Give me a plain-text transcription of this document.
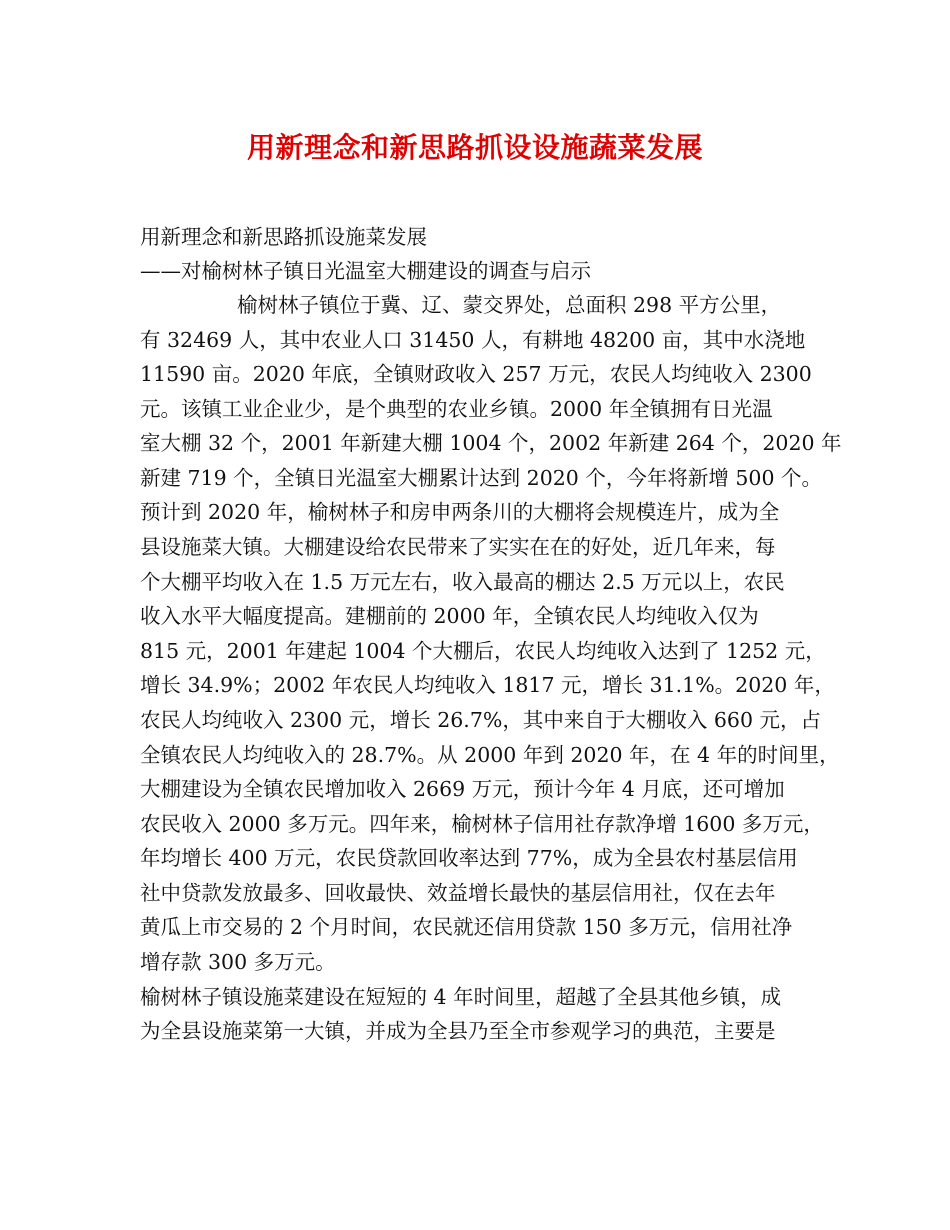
用新理念和新思路抓设设施蔬菜发展
用新理念和新思路抓设施菜发展
——对榆树林子镇日光温室大棚建设的调查与启示
榆树林子镇位于冀、辽、蒙交界处，总面积 298 平方公里，
有 32469 人，其中农业人口 31450 人，有耕地 48200 亩，其中水浇地
11590 亩。2020 年底，全镇财政收入 257 万元，农民人均纯收入 2300
元。该镇工业企业少，是个典型的农业乡镇。2000 年全镇拥有日光温
室大棚 32 个，2001 年新建大棚 1004 个，2002 年新建 264 个，2020 年
新建 719 个，全镇日光温室大棚累计达到 2020 个，今年将新增 500 个。
预计到 2020 年，榆树林子和房申两条川的大棚将会规模连片，成为全
县设施菜大镇。大棚建设给农民带来了实实在在的好处，近几年来，每
个大棚平均收入在 1.5 万元左右，收入最高的棚达 2.5 万元以上，农民
收入水平大幅度提高。建棚前的 2000 年，全镇农民人均纯收入仅为
815 元，2001 年建起 1004 个大棚后，农民人均纯收入达到了 1252 元，
增长 34.9%；2002 年农民人均纯收入 1817 元，增长 31.1%。2020 年，
农民人均纯收入 2300 元，增长 26.7%，其中来自于大棚收入 660 元，占
全镇农民人均纯收入的 28.7%。从 2000 年到 2020 年，在 4 年的时间里，
大棚建设为全镇农民增加收入 2669 万元，预计今年 4 月底，还可增加
农民收入 2000 多万元。四年来，榆树林子信用社存款净增 1600 多万元，
年均增长 400 万元，农民贷款回收率达到 77%，成为全县农村基层信用
社中贷款发放最多、回收最快、效益增长最快的基层信用社，仅在去年
黄瓜上市交易的 2 个月时间，农民就还信用贷款 150 多万元，信用社净
增存款 300 多万元。
榆树林子镇设施菜建设在短短的 4 年时间里，超越了全县其他乡镇，成
为全县设施菜第一大镇，并成为全县乃至全市参观学习的典范，主要是
